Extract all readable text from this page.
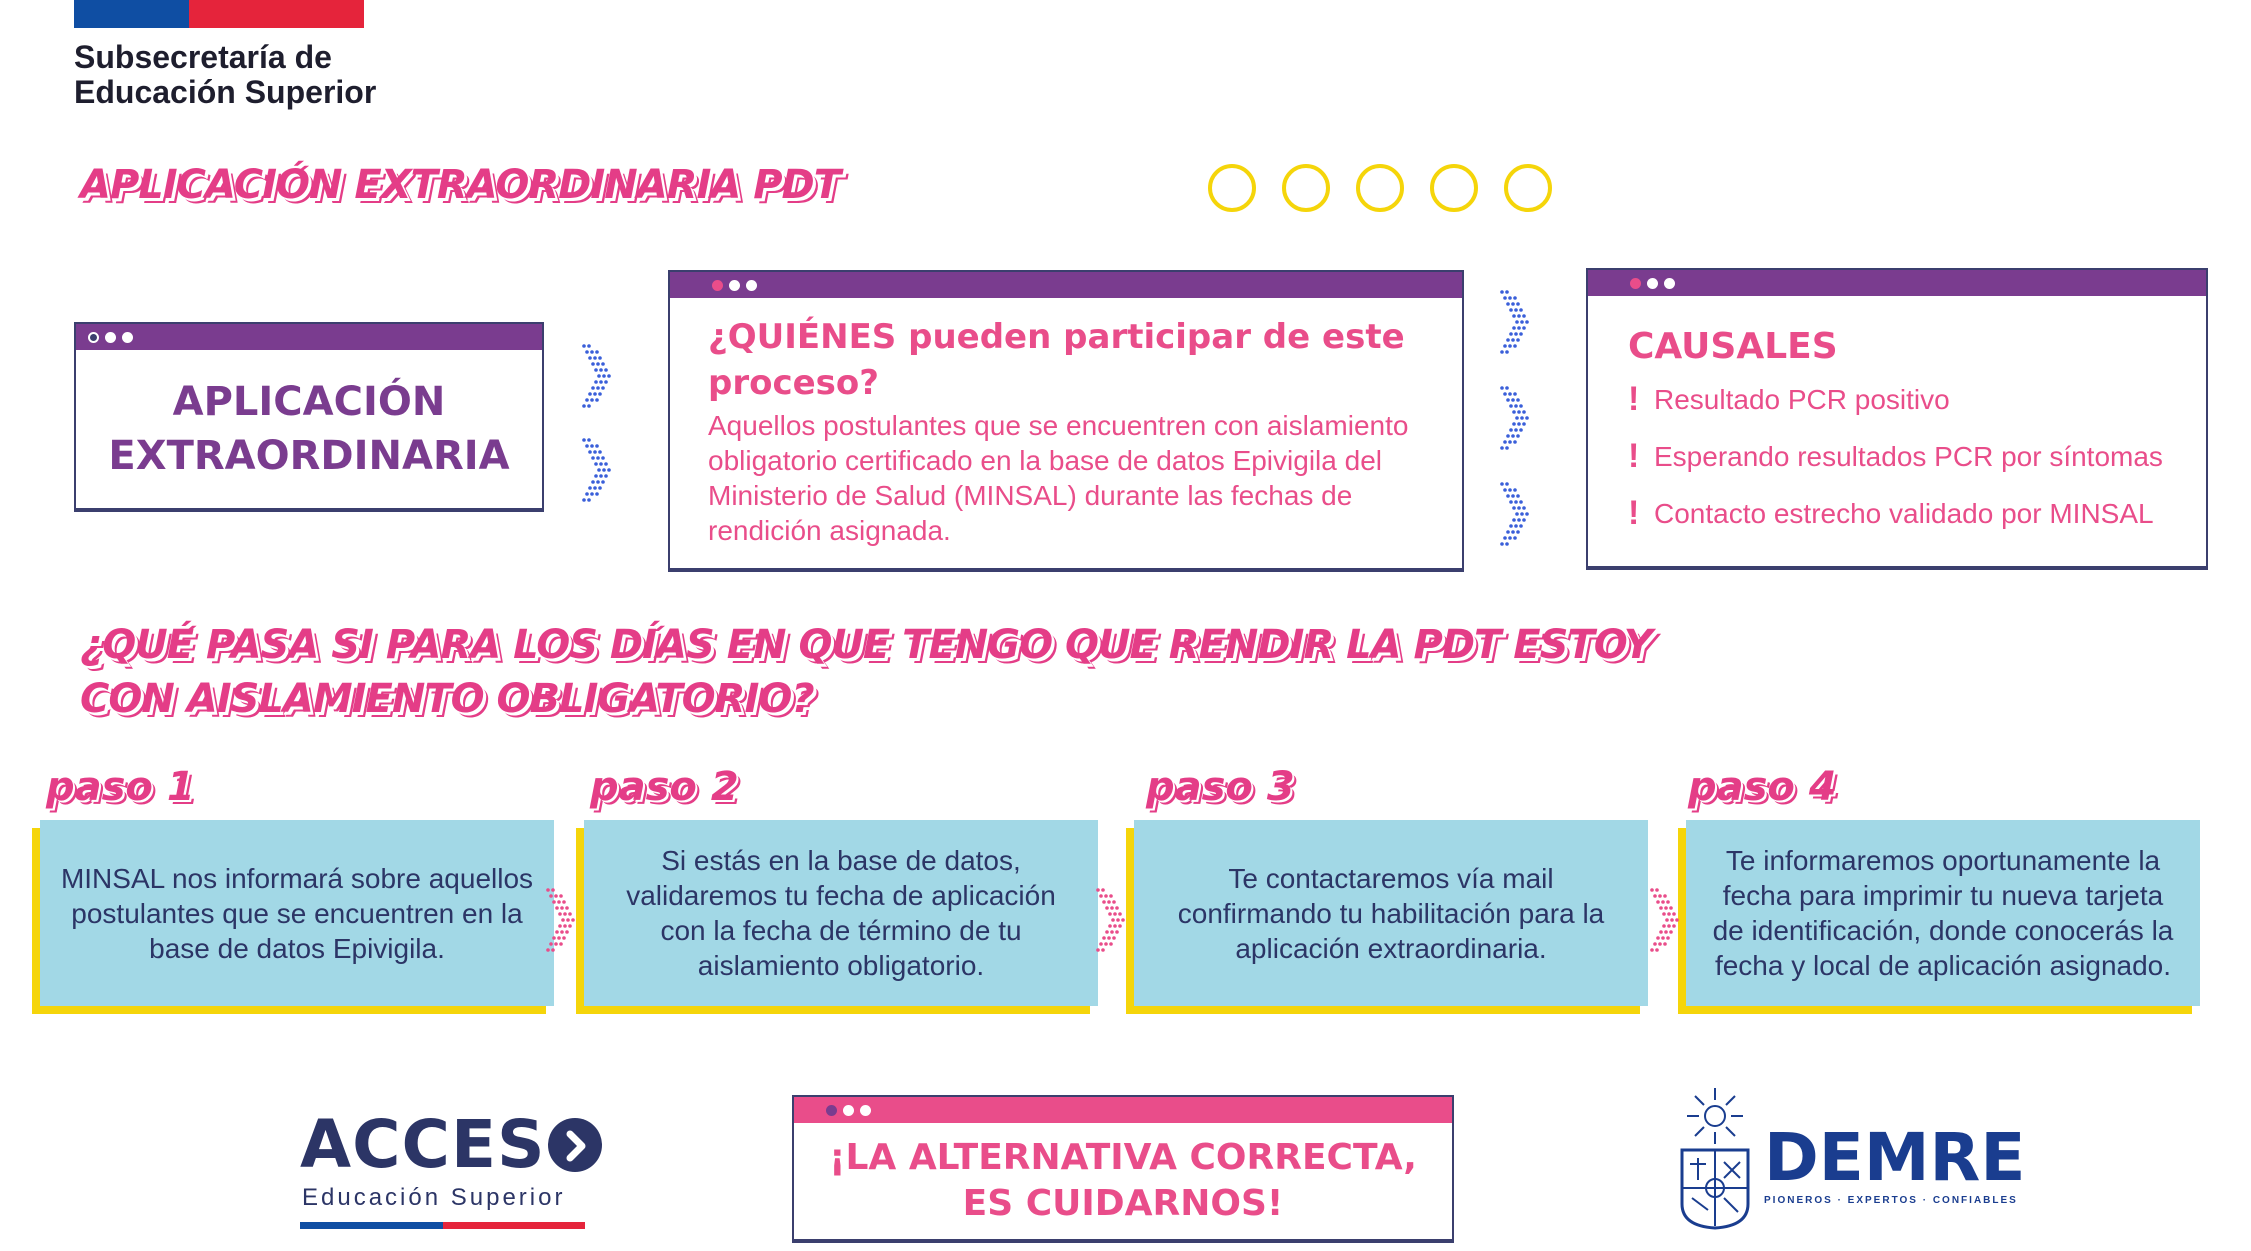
Subsecretaría de
Educación Superior
APLICACIÓN EXTRAORDINARIA PDT
APLICACIÓN
EXTRAORDINARIA
¿QUIÉNES pueden participar de este proceso?
Aquellos postulantes que se encuentren con aislamiento obligatorio certificado en la base de datos Epivigila del Ministerio de Salud (MINSAL) durante las fechas de rendición asignada.
CAUSALES
! Resultado PCR positivo
! Esperando resultados PCR por síntomas
! Contacto estrecho validado por MINSAL
¿QUÉ PASA SI PARA LOS DÍAS EN QUE TENGO QUE RENDIR LA PDT ESTOY
CON AISLAMIENTO OBLIGATORIO?
paso 1
MINSAL nos informará sobre aquellos postulantes que se encuentren en la base de datos Epivigila.
paso 2
Si estás en la base de datos, validaremos tu fecha de aplicación con la fecha de término de tu aislamiento obligatorio.
paso 3
Te contactaremos vía mail confirmando tu habilitación para la aplicación extraordinaria.
paso 4
Te informaremos oportunamente la fecha para imprimir tu nueva tarjeta de identificación, donde conocerás la fecha y local de aplicación asignado.
¡LA ALTERNATIVA CORRECTA,
ES CUIDARNOS!
ACCES
Educación Superior
DEMRE
PIONEROS · EXPERTOS · CONFIABLES
